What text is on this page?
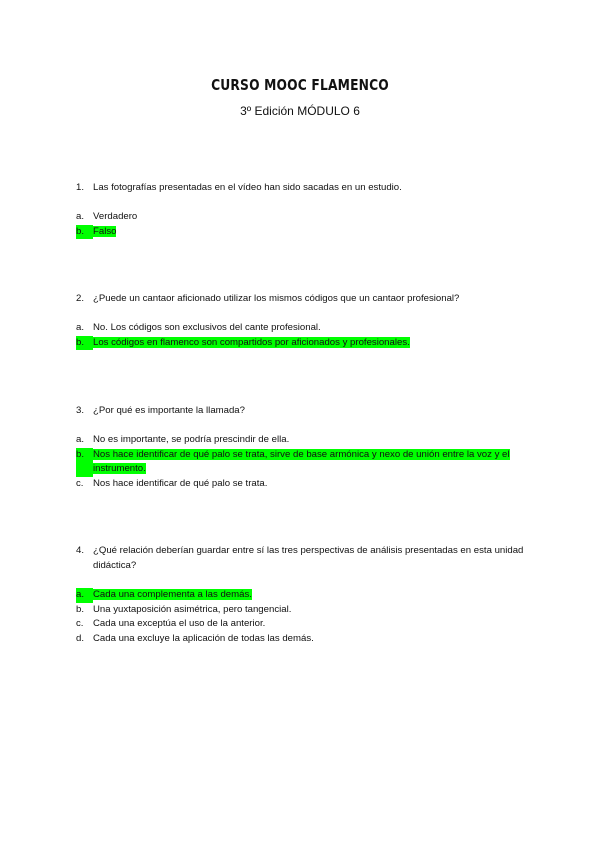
CURSO MOOC FLAMENCO
3º Edición MÓDULO 6
1. Las fotografías presentadas en el vídeo han sido sacadas en un estudio.
a. Verdadero
b. Falso
2. ¿Puede un cantaor aficionado utilizar los mismos códigos que un cantaor profesional?
a. No. Los códigos son exclusivos del cante profesional.
b. Los códigos en flamenco son compartidos por aficionados y profesionales.
3. ¿Por qué es importante la llamada?
a. No es importante, se podría prescindir de ella.
b. Nos hace identificar de qué palo se trata, sirve de base armónica y nexo de unión entre la voz y el instrumento.
c. Nos hace identificar de qué palo se trata.
4. ¿Qué relación deberían guardar entre sí las tres perspectivas de análisis presentadas en esta unidad didáctica?
a. Cada una complementa a las demás.
b. Una yuxtaposición asimétrica, pero tangencial.
c. Cada una exceptúa el uso de la anterior.
d. Cada una excluye la aplicación de todas las demás.
